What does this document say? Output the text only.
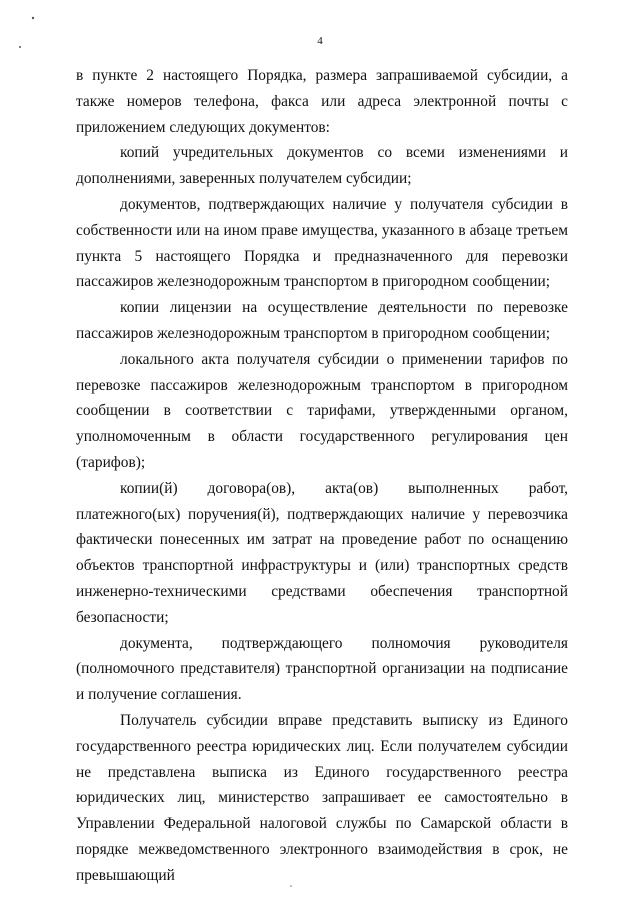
4

в пункте 2 настоящего Порядка, размера запрашиваемой субсидии, а также номеров телефона, факса или адреса электронной почты с приложением следующих документов:

копий учредительных документов со всеми изменениями и дополнениями, заверенных получателем субсидии;

документов, подтверждающих наличие у получателя субсидии в собственности или на ином праве имущества, указанного в абзаце третьем пункта 5 настоящего Порядка и предназначенного для перевозки пассажиров железнодорожным транспортом в пригородном сообщении;

копии лицензии на осуществление деятельности по перевозке пассажиров железнодорожным транспортом в пригородном сообщении;

локального акта получателя субсидии о применении тарифов по перевозке пассажиров железнодорожным транспортом в пригородном сообщении в соответствии с тарифами, утвержденными органом, уполномоченным в области государственного регулирования цен (тарифов);

копии(й) договора(ов), акта(ов) выполненных работ, платежного(ых) поручения(й), подтверждающих наличие у перевозчика фактически понесенных им затрат на проведение работ по оснащению объектов транспортной инфраструктуры и (или) транспортных средств инженерно-техническими средствами обеспечения транспортной безопасности;

документа, подтверждающего полномочия руководителя (полномочного представителя) транспортной организации на подписание и получение соглашения.

Получатель субсидии вправе представить выписку из Единого государственного реестра юридических лиц. Если получателем субсидии не представлена выписка из Единого государственного реестра юридических лиц, министерство запрашивает ее самостоятельно в Управлении Федеральной налоговой службы по Самарской области в порядке межведомственного электронного взаимодействия в срок, не превышающий
